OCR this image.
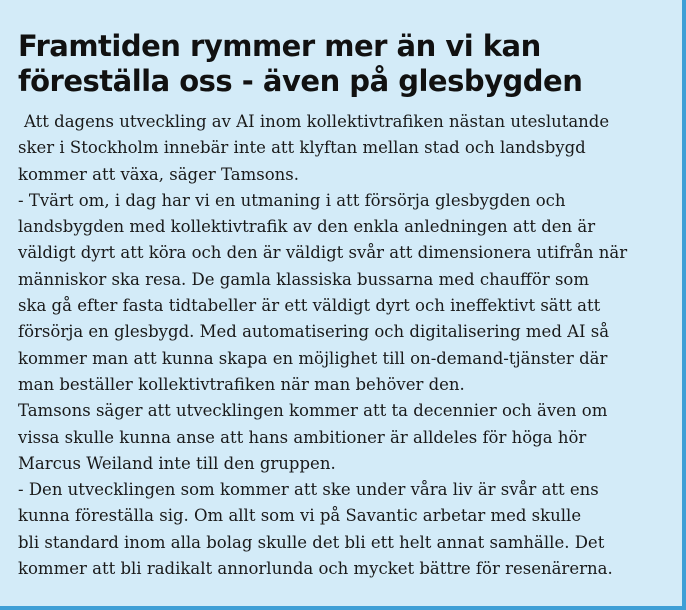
Framtiden rymmer mer än vi kan
föreställa oss - även på glesbygden

Att dagens utveckling av AI inom kollektivtrafiken nästan uteslutande
sker i Stockholm innebär inte att klyftan mellan stad och landsbygd
kommer att växa, säger Tamsons.

- Tvärt om, i dag har vi en utmaning i att försörja glesbygden och
landsbygden med kollektivtrafik av den enkla anledningen att den är
väldigt dyrt att köra och den är väldigt svår att dimensionera utifrån när
människor ska resa. De gamla klassiska bussarna med chaufför som
ska gå efter fasta tidtabeller är ett väldigt dyrt och ineffektivt sätt att
försörja en glesbygd. Med automatisering och digitalisering med AI så
kommer man att kunna skapa en möjlighet till on-demand-tjänster där
man beställer kollektivtrafiken när man behöver den.

Tamsons säger att utvecklingen kommer att ta decennier och även om
vissa skulle kunna anse att hans ambitioner är alldeles för höga hör
Marcus Weiland inte till den gruppen.

- Den utvecklingen som kommer att ske under våra liv är svår att ens
kunna föreställa sig. Om allt som vi på Savantic arbetar med skulle
bli standard inom alla bolag skulle det bli ett helt annat samhälle. Det
kommer att bli radikalt annorlunda och mycket bättre för resenärerna.
